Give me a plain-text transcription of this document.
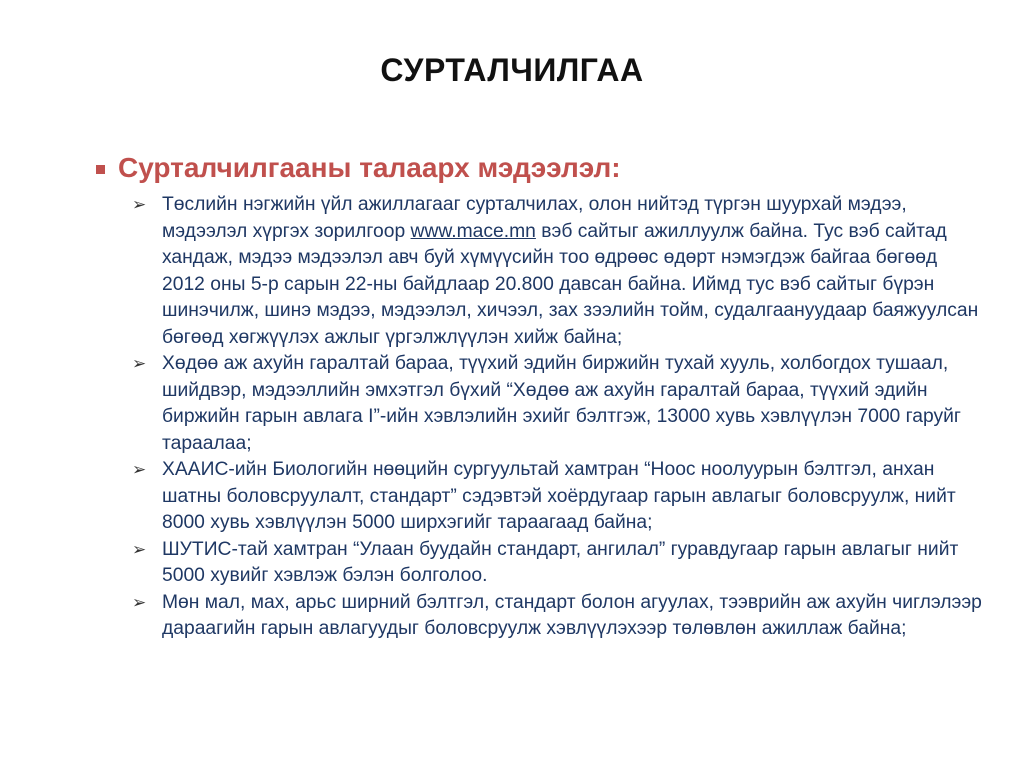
СУРТАЛЧИЛГАА
Сурталчилгааны талаарх мэдээлэл:
➢ Төслийн нэгжийн үйл ажиллагааг сурталчилах, олон нийтэд түргэн шуурхай мэдээ, мэдээлэл хүргэх зорилгоор www.mace.mn вэб сайтыг ажиллуулж байна. Тус вэб сайтад хандаж, мэдээ мэдээлэл авч буй хүмүүсийн тоо өдрөөс өдөрт нэмэгдэж байгаа бөгөөд 2012 оны 5-р сарын 22-ны байдлаар 20.800 давсан байна. Иймд тус вэб сайтыг бүрэн шинэчилж, шинэ мэдээ, мэдээлэл, хичээл, зах зээлийн тойм, судалгаануудаар баяжуулсан бөгөөд хөгжүүлэх ажлыг үргэлжлүүлэн хийж байна;
➢ Хөдөө аж ахуйн гаралтай бараа, түүхий эдийн биржийн тухай хууль, холбогдох тушаал, шийдвэр, мэдээллийн эмхэтгэл бүхий “Хөдөө аж ахуйн гаралтай бараа, түүхий эдийн биржийн гарын авлага I”-ийн хэвлэлийн эхийг бэлтгэж, 13000 хувь хэвлүүлэн 7000 гаруйг тараалаа;
➢ ХААИС-ийн Биологийн нөөцийн сургуультай хамтран “Ноос ноолуурын бэлтгэл, анхан шатны боловсруулалт, стандарт” сэдэвтэй хоёрдугаар гарын авлагыг боловсруулж, нийт 8000 хувь хэвлүүлэн 5000 ширхэгийг тараагаад байна;
➢ ШУТИС-тай хамтран “Улаан буудайн стандарт, ангилал” гуравдугаар гарын авлагыг нийт 5000 хувийг хэвлэж бэлэн болголоо.
➢ Мөн мал, мах, арьс ширний бэлтгэл, стандарт болон агуулах, тээврийн аж ахуйн чиглэлээр дараагийн гарын авлагуудыг боловсруулж хэвлүүлэхээр төлөвлөн ажиллаж байна;
